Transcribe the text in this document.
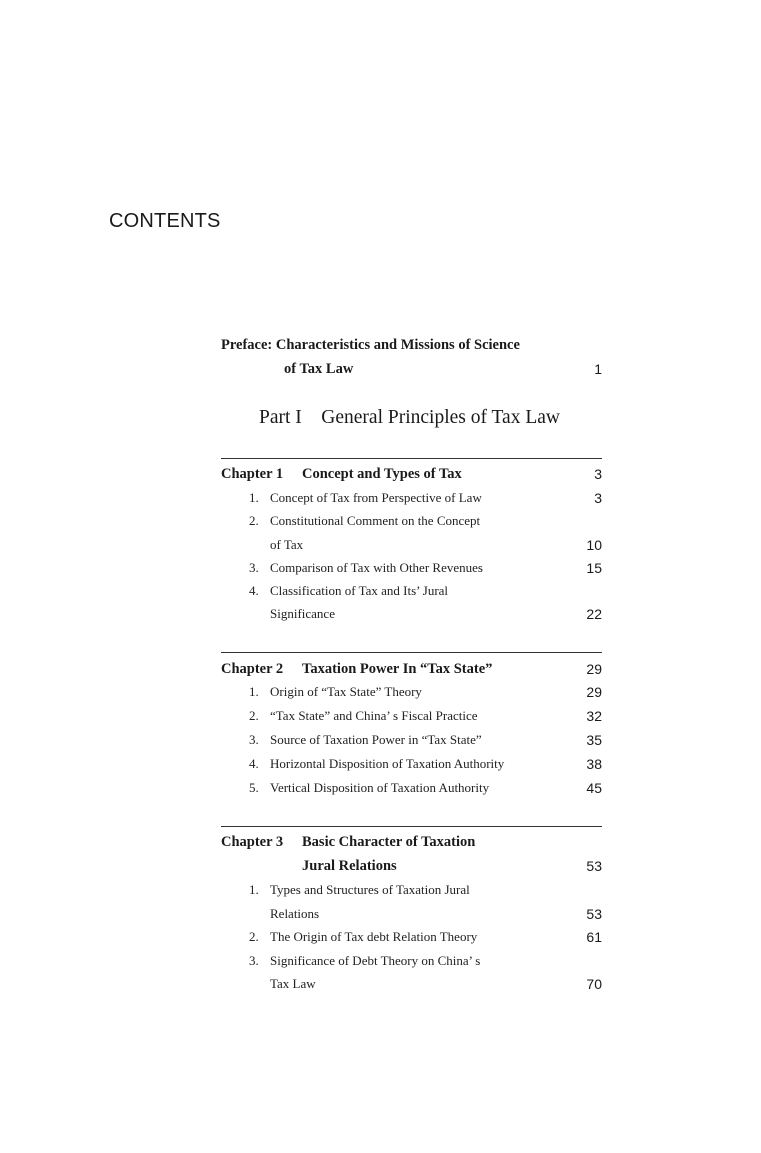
CONTENTS
Preface: Characteristics and Missions of Science
of Tax Law	1
Part I General Principles of Tax Law
Chapter 1 Concept and Types of Tax	3
1. Concept of Tax from Perspective of Law	3
2. Constitutional Comment on the Concept
of Tax	10
3. Comparison of Tax with Other Revenues	15
4. Classification of Tax and Its’ Jural
Significance	22
Chapter 2 Taxation Power In “Tax State”	29
1. Origin of “Tax State” Theory	29
2. “Tax State” and China’ s Fiscal Practice	32
3. Source of Taxation Power in “Tax State”	35
4. Horizontal Disposition of Taxation Authority	38
5. Vertical Disposition of Taxation Authority	45
Chapter 3 Basic Character of Taxation
Jural Relations	53
1. Types and Structures of Taxation Jural
Relations	53
2. The Origin of Tax debt Relation Theory	61
3. Significance of Debt Theory on China’ s
Tax Law	70
